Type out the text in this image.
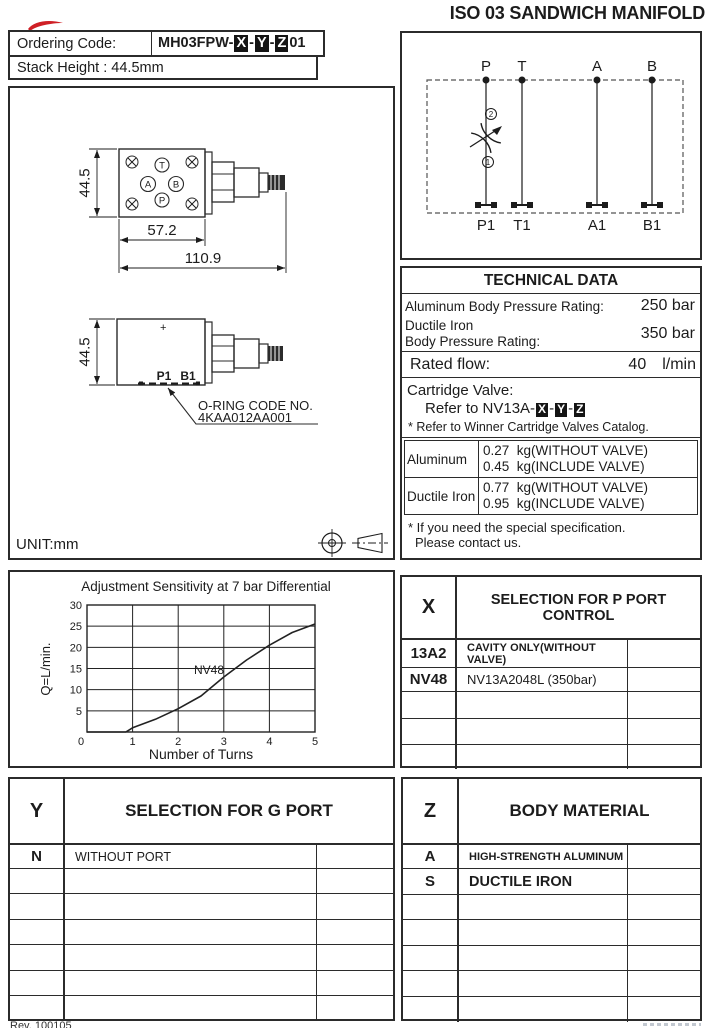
ISO 03 SANDWICH MANIFOLD
Ordering Code:	MH03FPW- X - Y - Z 01
Stack Height : 44.5mm
T
A B
P
44.5
57.2
110.9
+
P1 B1
44.5
O-RING CODE NO.
4KAA012AA001
UNIT:mm
P T	A	B
P1 T1	A1 B1
2
1
TECHNICAL DATA
Aluminum Body Pressure Rating:	250 bar
Ductile Iron
Body Pressure Rating:	350 bar
Rated flow:	40 l/min
Cartridge Valve:
Refer to NV13A- X - Y - Z
* Refer to Winner Cartridge Valves Catalog.
Aluminum
0.27  kg(WITHOUT VALVE)
0.45  kg(INCLUDE VALVE)
Ductile Iron
0.77  kg(WITHOUT VALVE)
0.95  kg(INCLUDE VALVE)
* If you need the special specification.
Please contact us.
Adjustment Sensitivity at 7 bar Differential
0	1	2	3	4	5
5
10
15
20
25
30
NV48
Q=L/min.
Number of Turns
X	SELECTION FOR P PORT CONTROL
13A2	CAVITY ONLY(WITHOUT VALVE)
NV48	NV13A2048L (350bar)
Y	SELECTION FOR G PORT
N	WITHOUT PORT
Z	BODY MATERIAL
A	HIGH-STRENGTH ALUMINUM
S	DUCTILE IRON
Rev. 100105
